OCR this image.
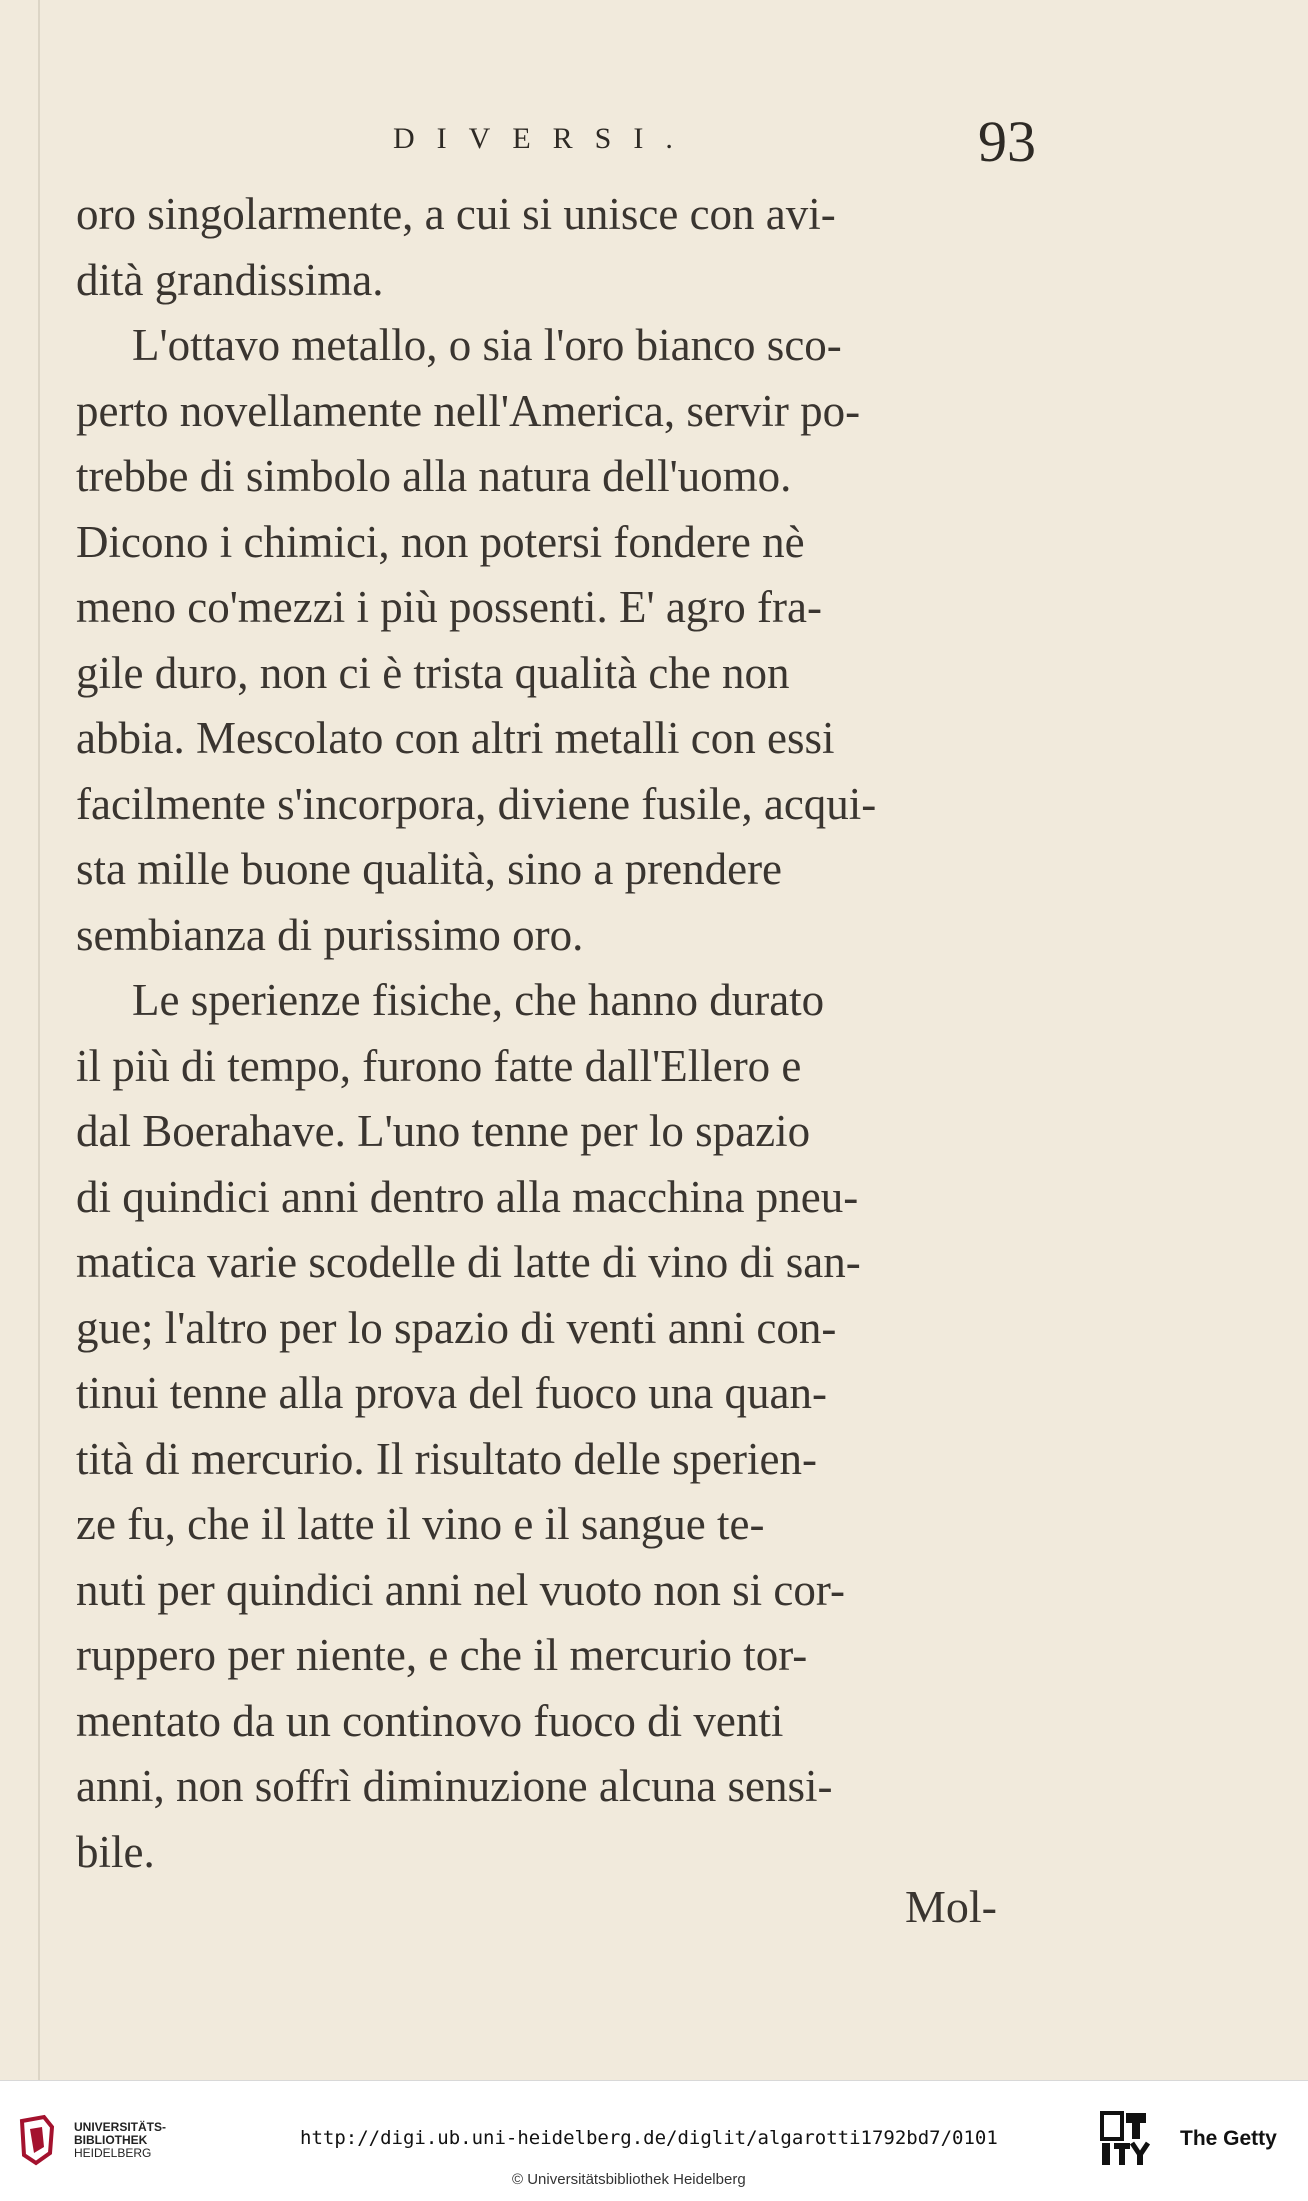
DIVERSI.	93
oro singolarmente, a cui si unisce con avi-
dità grandissima.
L'ottavo metallo, o sia l'oro bianco sco-
perto novellamente nell'America, servir po-
trebbe di simbolo alla natura dell'uomo.
Dicono i chimici, non potersi fondere nè
meno co'mezzi i più possenti. E' agro fra-
gile duro, non ci è trista qualità che non
abbia. Mescolato con altri metalli con essi
facilmente s'incorpora, diviene fusile, acqui-
sta mille buone qualità, sino a prendere
sembianza di purissimo oro.
Le sperienze fisiche, che hanno durato
il più di tempo, furono fatte dall'Ellero e
dal Boerahave. L'uno tenne per lo spazio
di quindici anni dentro alla macchina pneu-
matica varie scodelle di latte di vino di san-
gue; l'altro per lo spazio di venti anni con-
tinui tenne alla prova del fuoco una quan-
tità di mercurio. Il risultato delle sperien-
ze fu, che il latte il vino e il sangue te-
nuti per quindici anni nel vuoto non si cor-
ruppero per niente, e che il mercurio tor-
mentato da un continovo fuoco di venti
anni, non soffrì diminuzione alcuna sensi-
bile.
Mol-
UNIVERSITÄTS-
BIBLIOTHEK
HEIDELBERG
http://digi.ub.uni-heidelberg.de/diglit/algarotti1792bd7/0101
© Universitätsbibliothek Heidelberg
The Getty
